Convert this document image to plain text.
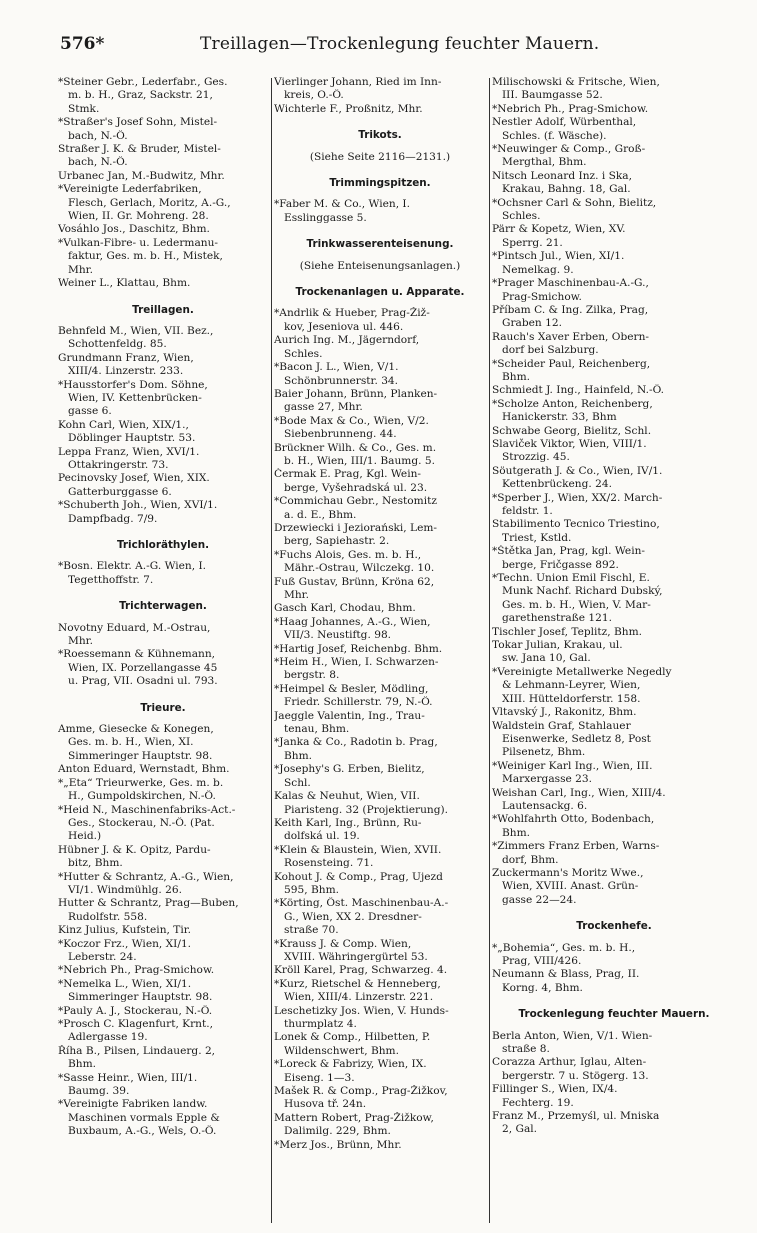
576*	Treillagen—Trockenlegung feuchter Mauern.
*Steiner Gebr., Lederfabr., Ges.
m. b. H., Graz, Sackstr. 21,
Stmk.
*Straßer's Josef Sohn, Mistel-
bach, N.-Ö.
Straßer J. K. & Bruder, Mistel-
bach, N.-Ö.
Urbanec Jan, M.-Budwitz, Mhr.
*Vereinigte Lederfabriken,
Flesch, Gerlach, Moritz, A.-G.,
Wien, II. Gr. Mohreng. 28.
Vosáhlo Jos., Daschitz, Bhm.
*Vulkan-Fibre- u. Ledermanu-
faktur, Ges. m. b. H., Mistek,
Mhr.
Weiner L., Klattau, Bhm.
Treillagen.
Behnfeld M., Wien, VII. Bez.,
Schottenfeldg. 85.
Grundmann Franz, Wien,
XIII/4. Linzerstr. 233.
*Hausstorfer's Dom. Söhne,
Wien, IV. Kettenbrücken-
gasse 6.
Kohn Carl, Wien, XIX/1.,
Döblinger Hauptstr. 53.
Leppa Franz, Wien, XVI/1.
Ottakringerstr. 73.
Pecinovsky Josef, Wien, XIX.
Gatterburggasse 6.
*Schuberth Joh., Wien, XVI/1.
Dampfbadg. 7/9.
Trichloräthylen.
*Bosn. Elektr. A.-G. Wien, I.
Tegetthoffstr. 7.
Trichterwagen.
Novotny Eduard, M.-Ostrau,
Mhr.
*Roessemann & Kühnemann,
Wien, IX. Porzellangasse 45
u. Prag, VII. Osadni ul. 793.
Trieure.
Amme, Giesecke & Konegen,
Ges. m. b. H., Wien, XI.
Simmeringer Hauptstr. 98.
Anton Eduard, Wernstadt, Bhm.
*„Eta“ Trieurwerke, Ges. m. b.
H., Gumpoldskirchen, N.-Ö.
*Heid N., Maschinenfabriks-Act.-
Ges., Stockerau, N.-Ö. (Pat.
Heid.)
Hübner J. & K. Opitz, Pardu-
bitz, Bhm.
*Hutter & Schrantz, A.-G., Wien,
VI/1. Windmühlg. 26.
Hutter & Schrantz, Prag—Buben,
Rudolfstr. 558.
Kinz Julius, Kufstein, Tir.
*Koczor Frz., Wien, XI/1.
Leberstr. 24.
*Nebrich Ph., Prag-Smichow.
*Nemelka L., Wien, XI/1.
Simmeringer Hauptstr. 98.
*Pauly A. J., Stockerau, N.-Ö.
*Prosch C. Klagenfurt, Krnt.,
Adlergasse 19.
Říha B., Pilsen, Lindauerg. 2,
Bhm.
*Sasse Heinr., Wien, III/1.
Baumg. 39.
*Vereinigte Fabriken landw.
Maschinen vormals Epple &
Buxbaum, A.-G., Wels, O.-Ö.
Vierlinger Johann, Ried im Inn-
kreis, O.-Ö.
Wichterle F., Proßnitz, Mhr.
Trikots.
(Siehe Seite 2116—2131.)
Trimmingspitzen.
*Faber M. & Co., Wien, I.
Esslinggasse 5.
Trinkwasserenteisenung.
(Siehe Enteisenungsanlagen.)
Trockenanlagen u. Apparate.
*Andrlik & Hueber, Prag-Žiž-
kov, Jeseniova ul. 446.
Aurich Ing. M., Jägerndorf,
Schles.
*Bacon J. L., Wien, V/1.
Schönbrunnerstr. 34.
Baier Johann, Brünn, Planken-
gasse 27, Mhr.
*Bode Max & Co., Wien, V/2.
Siebenbrunneng. 44.
Brückner Wilh. & Co., Ges. m.
b. H., Wien, III/1. Baumg. 5.
Čermak E. Prag, Kgl. Wein-
berge, Vyšehradská ul. 23.
*Commichau Gebr., Nestomitz
a. d. E., Bhm.
Drzewiecki i Jeziorański, Lem-
berg, Sapiehastr. 2.
*Fuchs Alois, Ges. m. b. H.,
Mähr.-Ostrau, Wilczekg. 10.
Fuß Gustav, Brünn, Kröna 62,
Mhr.
Gasch Karl, Chodau, Bhm.
*Haag Johannes, A.-G., Wien,
VII/3. Neustiftg. 98.
*Hartig Josef, Reichenbg. Bhm.
*Heim H., Wien, I. Schwarzen-
bergstr. 8.
*Heimpel & Besler, Mödling,
Friedr. Schillerstr. 79, N.-Ö.
Jaeggle Valentin, Ing., Trau-
tenau, Bhm.
*Janka & Co., Radotin b. Prag,
Bhm.
*Josephy's G. Erben, Bielitz,
Schl.
Kalas & Neuhut, Wien, VII.
Piaristeng. 32 (Projektierung).
Keith Karl, Ing., Brünn, Ru-
dolfská ul. 19.
*Klein & Blaustein, Wien, XVII.
Rosensteing. 71.
Kohout J. & Comp., Prag, Ujezd
595, Bhm.
*Körting, Öst. Maschinenbau-A.-
G., Wien, XX 2. Dresdner-
straße 70.
*Krauss J. & Comp. Wien,
XVIII. Währingergürtel 53.
Kröll Karel, Prag, Schwarzeg. 4.
*Kurz, Rietschel & Henneberg,
Wien, XIII/4. Linzerstr. 221.
Leschetizky Jos. Wien, V. Hunds-
thurmplatz 4.
Lonek & Comp., Hilbetten, P.
Wildenschwert, Bhm.
*Loreck & Fabrizy, Wien, IX.
Eiseng. 1—3.
Mašek R. & Comp., Prag-Žižkov,
Husova tř. 24n.
Mattern Robert, Prag-Žižkow,
Dalimilg. 229, Bhm.
*Merz Jos., Brünn, Mhr.
Milischowski & Fritsche, Wien,
III. Baumgasse 52.
*Nebrich Ph., Prag-Smichow.
Nestler Adolf, Würbenthal,
Schles. (f. Wäsche).
*Neuwinger & Comp., Groß-
Mergthal, Bhm.
Nitsch Leonard Inz. i Ska,
Krakau, Bahng. 18, Gal.
*Ochsner Carl & Sohn, Bielitz,
Schles.
Pärr & Kopetz, Wien, XV.
Sperrg. 21.
*Pintsch Jul., Wien, XI/1.
Nemelkag. 9.
*Prager Maschinenbau-A.-G.,
Prag-Smichow.
Příbam C. & Ing. Zilka, Prag,
Graben 12.
Rauch's Xaver Erben, Obern-
dorf bei Salzburg.
*Scheider Paul, Reichenberg,
Bhm.
Schmiedt J. Ing., Hainfeld, N.-Ö.
*Scholze Anton, Reichenberg,
Hanickerstr. 33, Bhm
Schwabe Georg, Bielitz, Schl.
Slaviček Viktor, Wien, VIII/1.
Strozzig. 45.
Söutgerath J. & Co., Wien, IV/1.
Kettenbrückeng. 24.
*Sperber J., Wien, XX/2. March-
feldstr. 1.
Stabilimento Tecnico Triestino,
Triest, Kstld.
*Štětka Jan, Prag, kgl. Wein-
berge, Fričgasse 892.
*Techn. Union Emil Fischl, E.
Munk Nachf. Richard Dubský,
Ges. m. b. H., Wien, V. Mar-
garethenstraße 121.
Tischler Josef, Teplitz, Bhm.
Tokar Julian, Krakau, ul.
sw. Jana 10, Gal.
*Vereinigte Metallwerke Negedly
& Lehmann-Leyrer, Wien,
XIII. Hütteldorferstr. 158.
Vltavský J., Rakonitz, Bhm.
Waldstein Graf, Stahlauer
Eisenwerke, Sedletz 8, Post
Pilsenetz, Bhm.
*Weiniger Karl Ing., Wien, III.
Marxergasse 23.
Weishan Carl, Ing., Wien, XIII/4.
Lautensackg. 6.
*Wohlfahrth Otto, Bodenbach,
Bhm.
*Zimmers Franz Erben, Warns-
dorf, Bhm.
Zuckermann's Moritz Wwe.,
Wien, XVIII. Anast. Grün-
gasse 22—24.
Trockenhefe.
*„Bohemia“, Ges. m. b. H.,
Prag, VIII/426.
Neumann & Blass, Prag, II.
Korng. 4, Bhm.
Trockenlegung feuchter Mauern.
Berla Anton, Wien, V/1. Wien-
straße 8.
Corazza Arthur, Iglau, Alten-
bergerstr. 7 u. Stögerg. 13.
Fillinger S., Wien, IX/4.
Fechterg. 19.
Franz M., Przemyśl, ul. Mniska
2, Gal.
